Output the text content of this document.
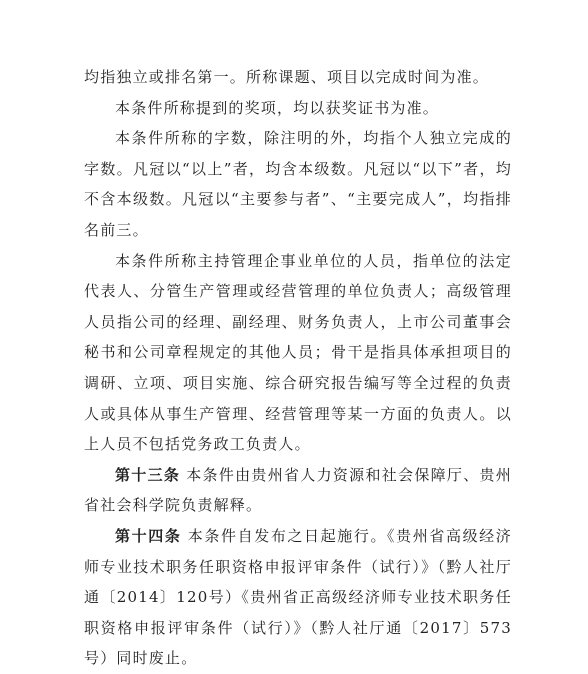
均指独立或排名第一。所称课题、项目以完成时间为准。

本条件所称提到的奖项，均以获奖证书为准。

本条件所称的字数，除注明的外，均指个人独立完成的字数。凡冠以“以上”者，均含本级数。凡冠以“以下”者，均不含本级数。凡冠以“主要参与者”、“主要完成人”，均指排名前三。

本条件所称主持管理企事业单位的人员，指单位的法定代表人、分管生产管理或经营管理的单位负责人；高级管理人员指公司的经理、副经理、财务负责人，上市公司董事会秘书和公司章程规定的其他人员；骨干是指具体承担项目的调研、立项、项目实施、综合研究报告编写等全过程的负责人或具体从事生产管理、经营管理等某一方面的负责人。以上人员不包括党务政工负责人。

第十三条 本条件由贵州省人力资源和社会保障厅、贵州省社会科学院负责解释。

第十四条 本条件自发布之日起施行。《贵州省高级经济师专业技术职务任职资格申报评审条件（试行）》（黔人社厅通〔2014〕120号）《贵州省正高级经济师专业技术职务任职资格申报评审条件（试行）》（黔人社厅通〔2017〕573号）同时废止。
